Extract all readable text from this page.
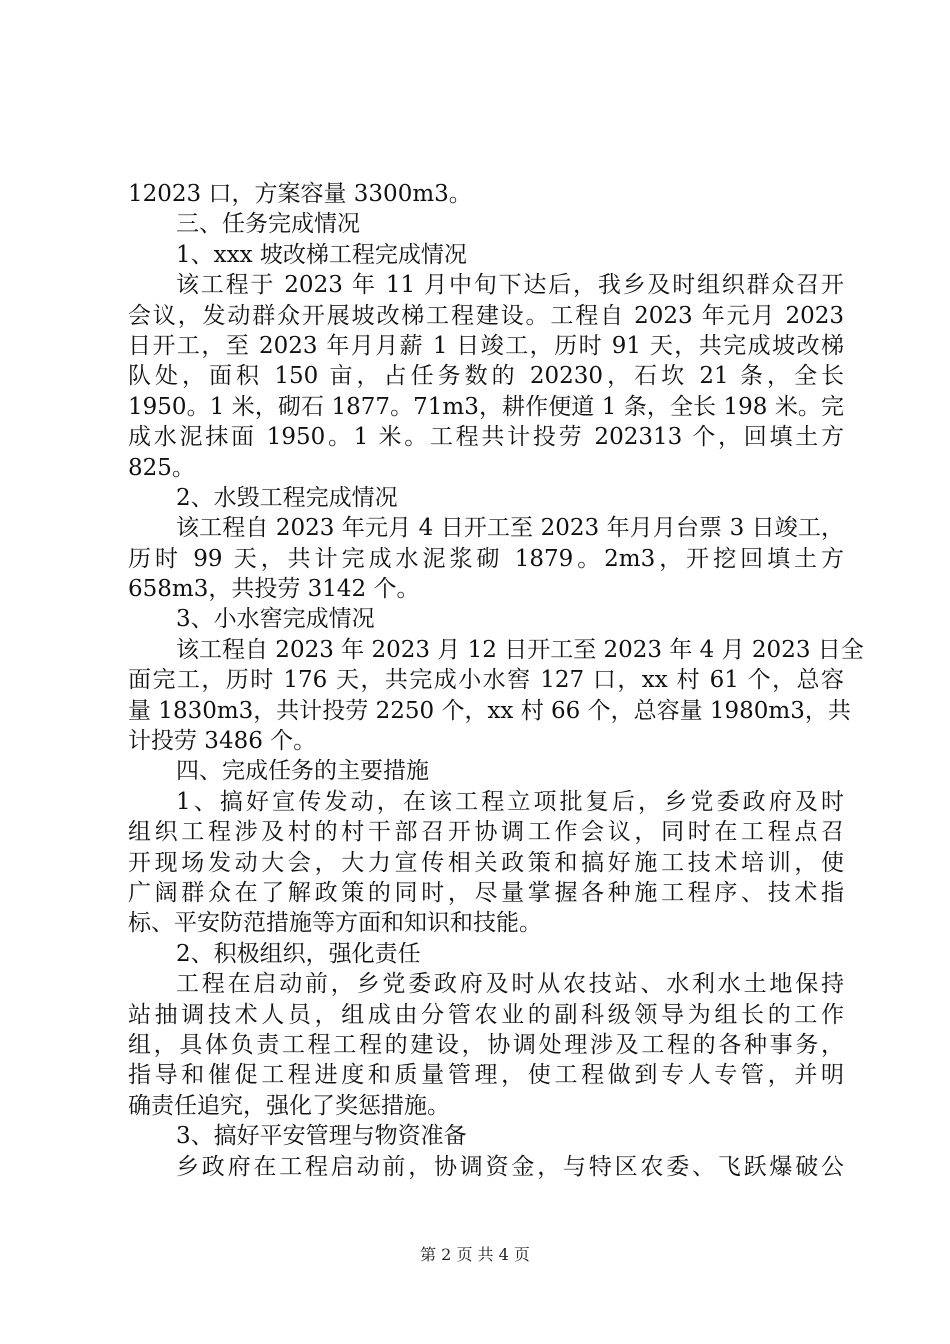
12023 口，方案容量 3300m3。
三、任务完成情况
1、xxx 坡改梯工程完成情况
该工程于 2023 年 11 月中旬下达后，我乡及时组织群众召开
会议，发动群众开展坡改梯工程建设。工程自 2023 年元月 2023
日开工，至 2023 年月月薪 1 日竣工，历时 91 天，共完成坡改梯
队处，面积 150 亩，占任务数的 20230，石坎 21 条，全长
1950。1 米，砌石 1877。71m3，耕作便道 1 条，全长 198 米。完
成水泥抹面 1950。1 米。工程共计投劳 202313 个，回填土方
825。
2、水毁工程完成情况
该工程自 2023 年元月 4 日开工至 2023 年月月台票 3 日竣工，
历时 99 天，共计完成水泥浆砌 1879。2m3，开挖回填土方
658m3，共投劳 3142 个。
3、小水窖完成情况
该工程自 2023 年 2023 月 12 日开工至 2023 年 4 月 2023 日全
面完工，历时 176 天，共完成小水窖 127 口，xx 村 61 个，总容
量 1830m3，共计投劳 2250 个，xx 村 66 个，总容量 1980m3，共
计投劳 3486 个。
四、完成任务的主要措施
1、搞好宣传发动，在该工程立项批复后，乡党委政府及时
组织工程涉及村的村干部召开协调工作会议，同时在工程点召
开现场发动大会，大力宣传相关政策和搞好施工技术培训，使
广阔群众在了解政策的同时，尽量掌握各种施工程序、技术指
标、平安防范措施等方面和知识和技能。
2、积极组织，强化责任
工程在启动前，乡党委政府及时从农技站、水利水土地保持
站抽调技术人员，组成由分管农业的副科级领导为组长的工作
组，具体负责工程工程的建设，协调处理涉及工程的各种事务，
指导和催促工程进度和质量管理，使工程做到专人专管，并明
确责任追究，强化了奖惩措施。
3、搞好平安管理与物资准备
乡政府在工程启动前，协调资金，与特区农委、飞跃爆破公
第 2 页 共 4 页
